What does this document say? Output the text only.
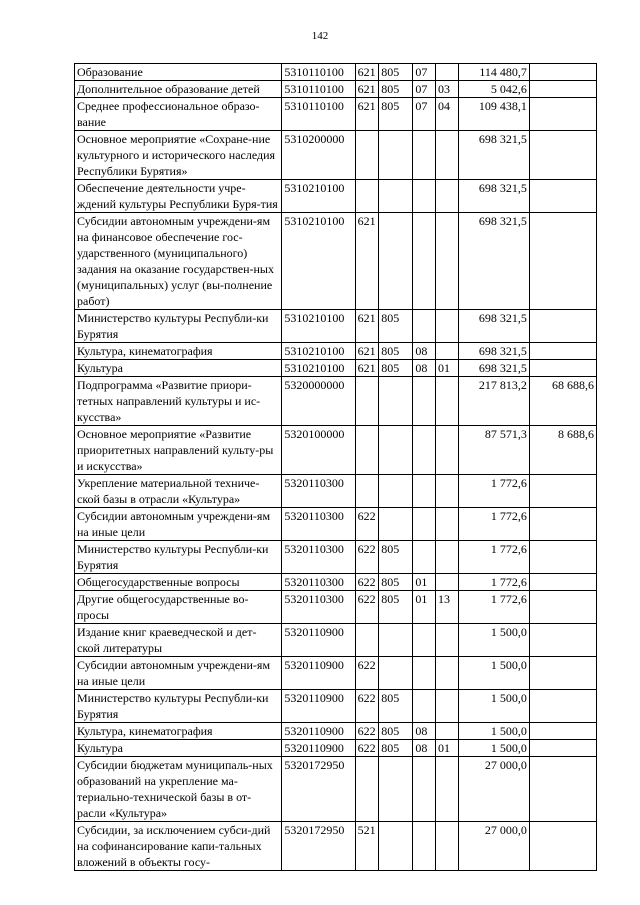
142
Образование	5310110100	621	805	07		114 480,7	
Дополнительное образование детей	5310110100	621	805	07	03	5 042,6	
Среднее профессиональное образо-вание	5310110100	621	805	07	04	109 438,1	
Основное мероприятие «Сохране-ние культурного и исторического наследия Республики Бурятия»	5310200000					698 321,5	
Обеспечение деятельности учре-ждений культуры Республики Буря-тия	5310210100					698 321,5	
Субсидии автономным учреждени-ям на финансовое обеспечение гос-ударственного (муниципального) задания на оказание государствен-ных (муниципальных) услуг (вы-полнение работ)	5310210100	621				698 321,5	
Министерство культуры Республи-ки Бурятия	5310210100	621	805			698 321,5	
Культура, кинематография	5310210100	621	805	08		698 321,5	
Культура	5310210100	621	805	08	01	698 321,5	
Подпрограмма «Развитие приори-тетных направлений культуры и ис-кусства»	5320000000					217 813,2	68 688,6
Основное мероприятие «Развитие приоритетных направлений культу-ры и искусства»	5320100000					87 571,3	8 688,6
Укрепление материальной техниче-ской базы в отрасли «Культура»	5320110300					1 772,6	
Субсидии автономным учреждени-ям на иные цели	5320110300	622				1 772,6	
Министерство культуры Республи-ки Бурятия	5320110300	622	805			1 772,6	
Общегосударственные вопросы	5320110300	622	805	01		1 772,6	
Другие общегосударственные во-просы	5320110300	622	805	01	13	1 772,6	
Издание книг краеведческой и дет-ской литературы	5320110900					1 500,0	
Субсидии автономным учреждени-ям на иные цели	5320110900	622				1 500,0	
Министерство культуры Республи-ки Бурятия	5320110900	622	805			1 500,0	
Культура, кинематография	5320110900	622	805	08		1 500,0	
Культура	5320110900	622	805	08	01	1 500,0	
Субсидии бюджетам муниципаль-ных образований на укрепление ма-териально-технической базы в от-расли «Культура»	5320172950					27 000,0	
Субсидии, за исключением субси-дий на софинансирование капи-тальных вложений в объекты госу-	5320172950	521				27 000,0	
